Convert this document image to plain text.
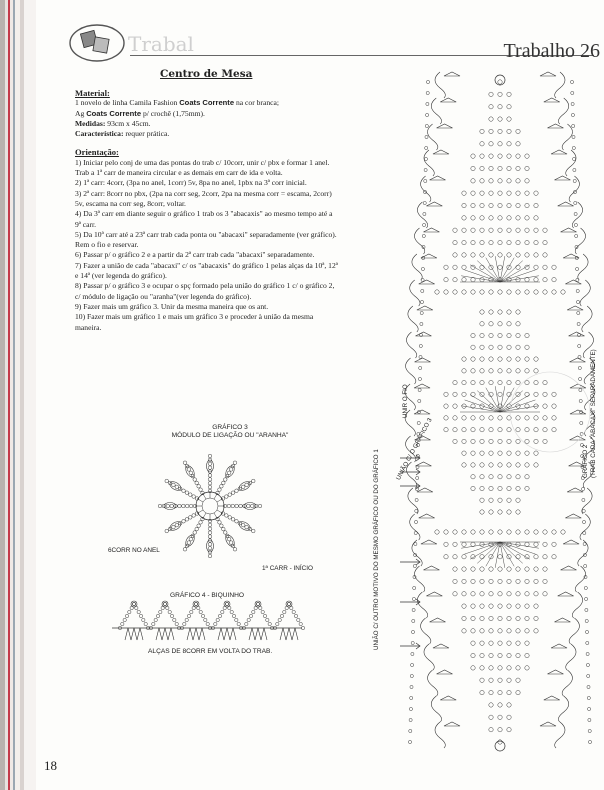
Trabal	Trabalho 26
Centro de Mesa

Material:

1 novelo de linha Camila Fashion Coats Corrente na cor branca;

Ag Coats Corrente p/ crochê (1,75mm).

Medidas: 93cm x 45cm.

Característica: requer prática.

Orientação:

1) Iniciar pelo conj de uma das pontas do trab c/ 10corr, unir c/ pbx e formar 1 anel. Trab a 1ª carr de maneira circular e as demais em carr de ida e volta.

2) 1ª carr: 4corr, (3pa no anel, 1corr) 5v, 8pa no anel, 1pbx na 3ª corr inicial.

3) 2ª carr: 8corr no pbx, (2pa na corr seg, 2corr, 2pa na mesma corr = escama, 2corr) 5v, escama na corr seg, 8corr, voltar.

4) Da 3ª carr em diante seguir o gráfico 1 trab os 3 "abacaxis" ao mesmo tempo até a 9ª carr.

5) Da 10ª carr até a 23ª carr trab cada ponta ou "abacaxi" separadamente (ver gráfico). Rem o fio e reservar.

6) Passar p/ o gráfico 2 e a partir da 2ª carr trab cada "abacaxi" separadamente.

7) Fazer a união de cada "abacaxi" c/ os "abacaxis" do gráfico 1 pelas alças da 10ª, 12ª e 14ª (ver legenda do gráfico).

8) Passar p/ o gráfico 3 e ocupar o spç formado pela união do gráfico 1 c/ o gráfico 2, c/ módulo de ligação ou "aranha"(ver legenda do gráfico).

9) Fazer mais um gráfico 3. Unir da mesma maneira que os ant.

10) Fazer mais um gráfico 1 e mais um gráfico 3 e proceder à união da mesma maneira.

GRÁFICO 3
MÓDULO DE LIGAÇÃO OU "ARANHA"
6CORR NO ANEL
1ª CARR - INÍCIO
GRÁFICO 4 - BIQUINHO
ALÇAS DE 8CORR EM VOLTA DO TRAB.
UNIÃO C/ O GRÁFICO 3
UNIÃO C/ OUTRO MOTIVO DO MESMO GRÁFICO OU DO GRÁFICO 1
UNIR O FIO
GRÁFICO 2 (TRAB CADA "ABACAXI" SEPARADAMENTE)
18
